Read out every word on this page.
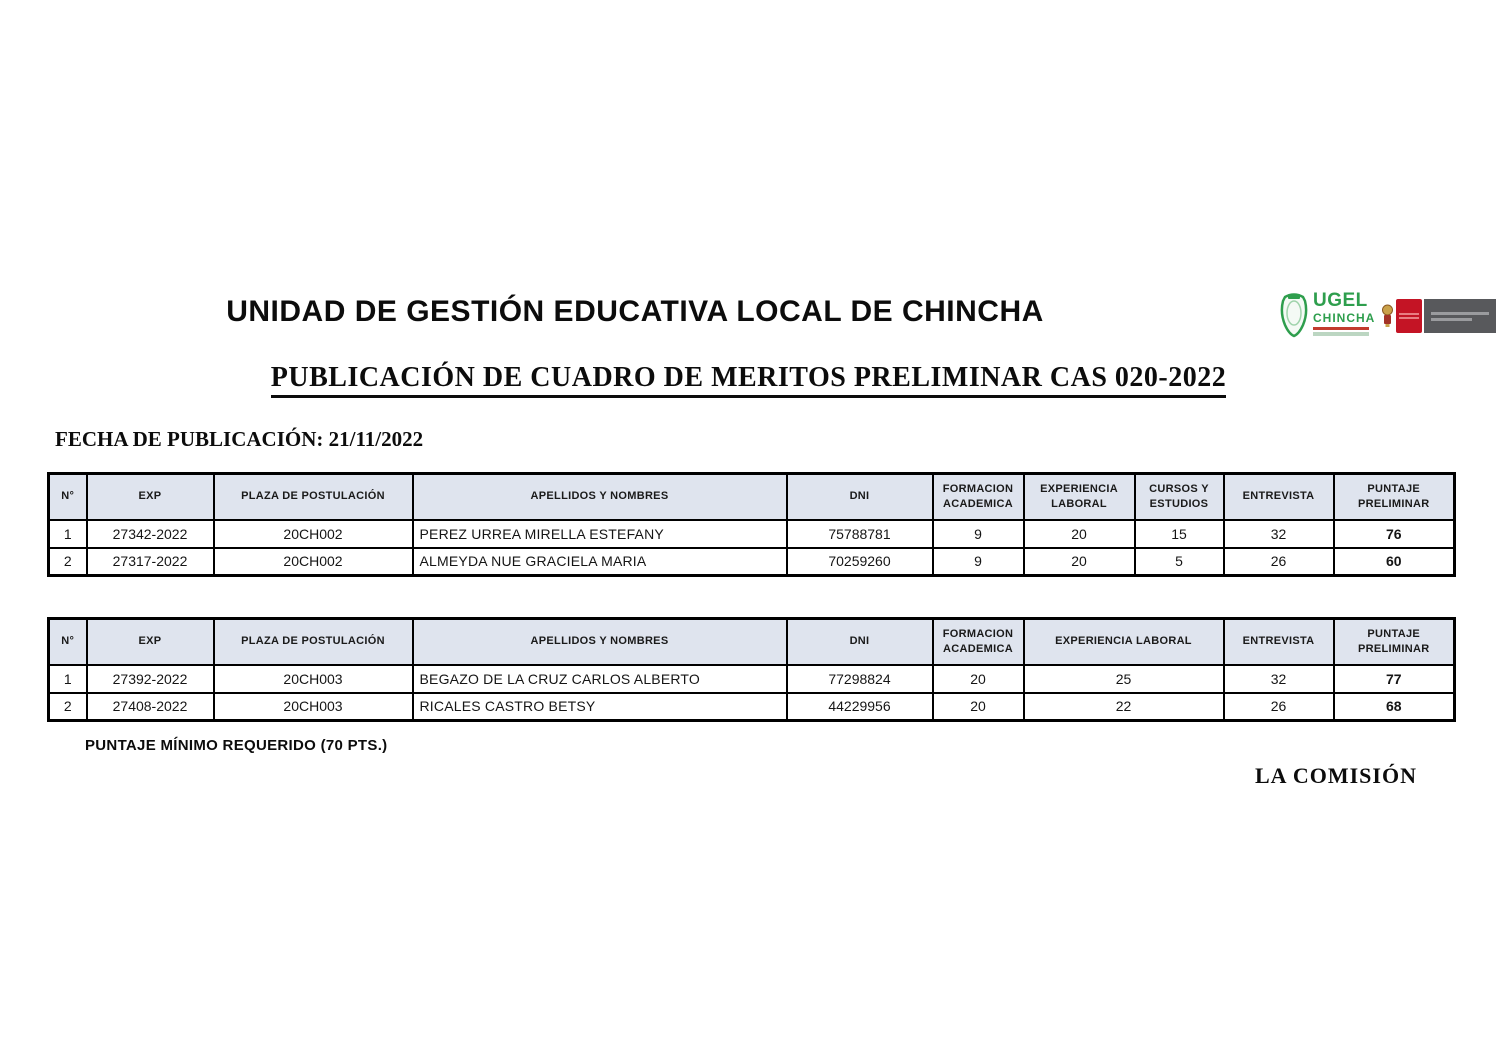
UNIDAD DE GESTIÓN EDUCATIVA LOCAL DE CHINCHA	UGEL
CHINCHA
PUBLICACIÓN DE CUADRO DE MERITOS PRELIMINAR CAS 020-2022
FECHA DE PUBLICACIÓN: 21/11/2022
N°	EXP	PLAZA DE POSTULACIÓN	APELLIDOS Y NOMBRES	DNI	FORMACION ACADEMICA	EXPERIENCIA LABORAL	CURSOS Y ESTUDIOS	ENTREVISTA	PUNTAJE PRELIMINAR
1	27342-2022	20CH002	PEREZ URREA MIRELLA ESTEFANY	75788781	9	20	15	32	76
2	27317-2022	20CH002	ALMEYDA NUE GRACIELA MARIA	70259260	9	20	5	26	60
N°	EXP	PLAZA DE POSTULACIÓN	APELLIDOS Y NOMBRES	DNI	FORMACION ACADEMICA	EXPERIENCIA LABORAL	ENTREVISTA	PUNTAJE PRELIMINAR
1	27392-2022	20CH003	BEGAZO DE LA CRUZ CARLOS ALBERTO	77298824	20	25	32	77
2	27408-2022	20CH003	RICALES CASTRO BETSY	44229956	20	22	26	68
PUNTAJE MÍNIMO REQUERIDO (70 PTS.)
LA COMISIÓN
